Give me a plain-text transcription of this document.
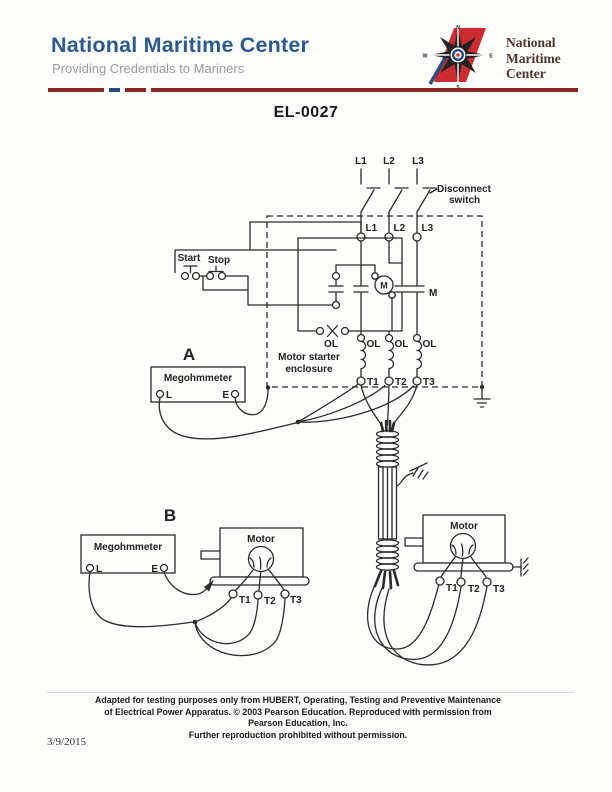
National Maritime Center
Providing Credentials to Mariners
N
W	E
National
Maritime
Center
EL-0027
L1 L2 L3
Disconnect
switch
Motor starter
enclosure
L1 L2 L3
Start Stop
OL
M
M
OL OL OL
T1 T2 T3
A
Megohmmeter
L	E
Motor
T1 T2 T3
B
Megohmmeter
L	E
Motor
T1 T2 T3
Adapted for testing purposes only from HUBERT, Operating, Testing and Preventive Maintenance
of Electrical Power Apparatus. © 2003 Pearson Education. Reproduced with permission from
Pearson Education, Inc.
Further reproduction prohibited without permission.
3/9/2015
